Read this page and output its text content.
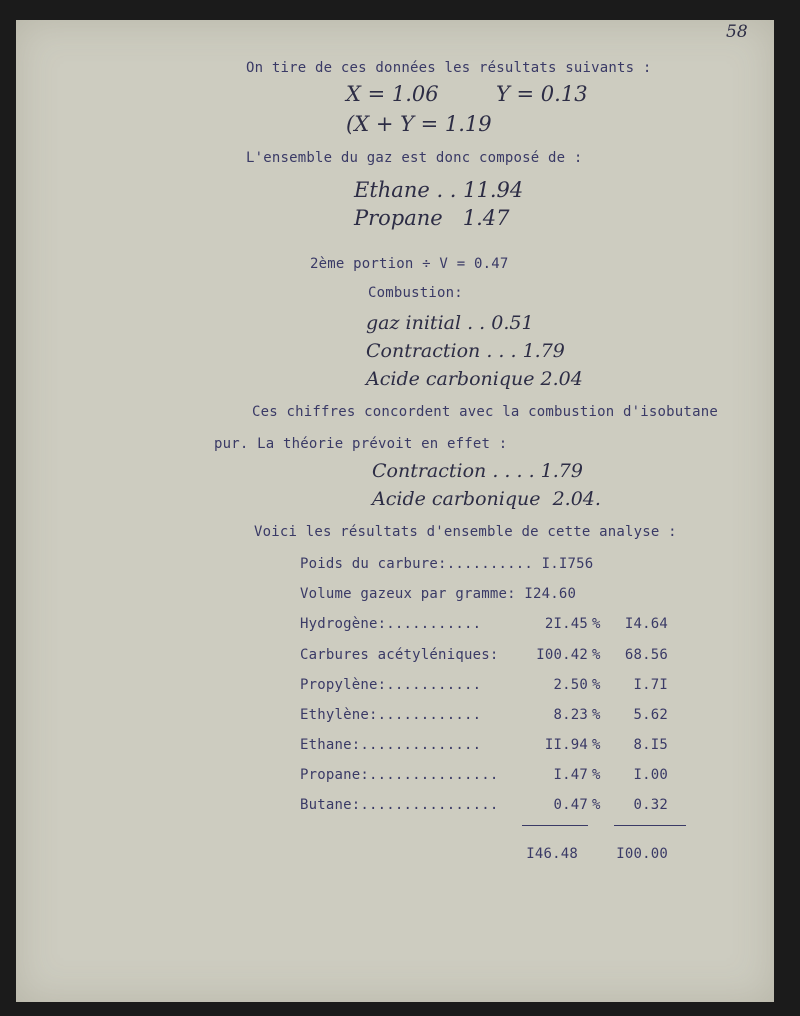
58
On tire de ces données les résultats suivants :
X = 1.06	Y = 0.13
(X + Y = 1.19
L'ensemble du gaz est donc composé de :
Ethane . . 11.94
Propane   1.47
2ème portion ÷ V = 0.47
Combustion:
gaz initial . . 0.51
Contraction . . . 1.79
Acide carbonique 2.04
Ces chiffres concordent avec la combustion d'isobutane
pur. La théorie prévoit en effet :
Contraction . . . . 1.79
Acide carbonique  2.04.
Voici les résultats d'ensemble de cette analyse :
Poids du carbure:.......... I.I756
Volume gazeux par gramme: I24.60
Hydrogène:...........	2I.45 %	I4.64
Carbures acétyléniques:	I00.42 %	68.56
Propylène:...........	2.50 %	I.7I
Ethylène:............	8.23 %	5.62
Ethane:..............	II.94 %	8.I5
Propane:...............	I.47 %	I.00
Butane:................	0.47 %	0.32
I46.48	I00.00
